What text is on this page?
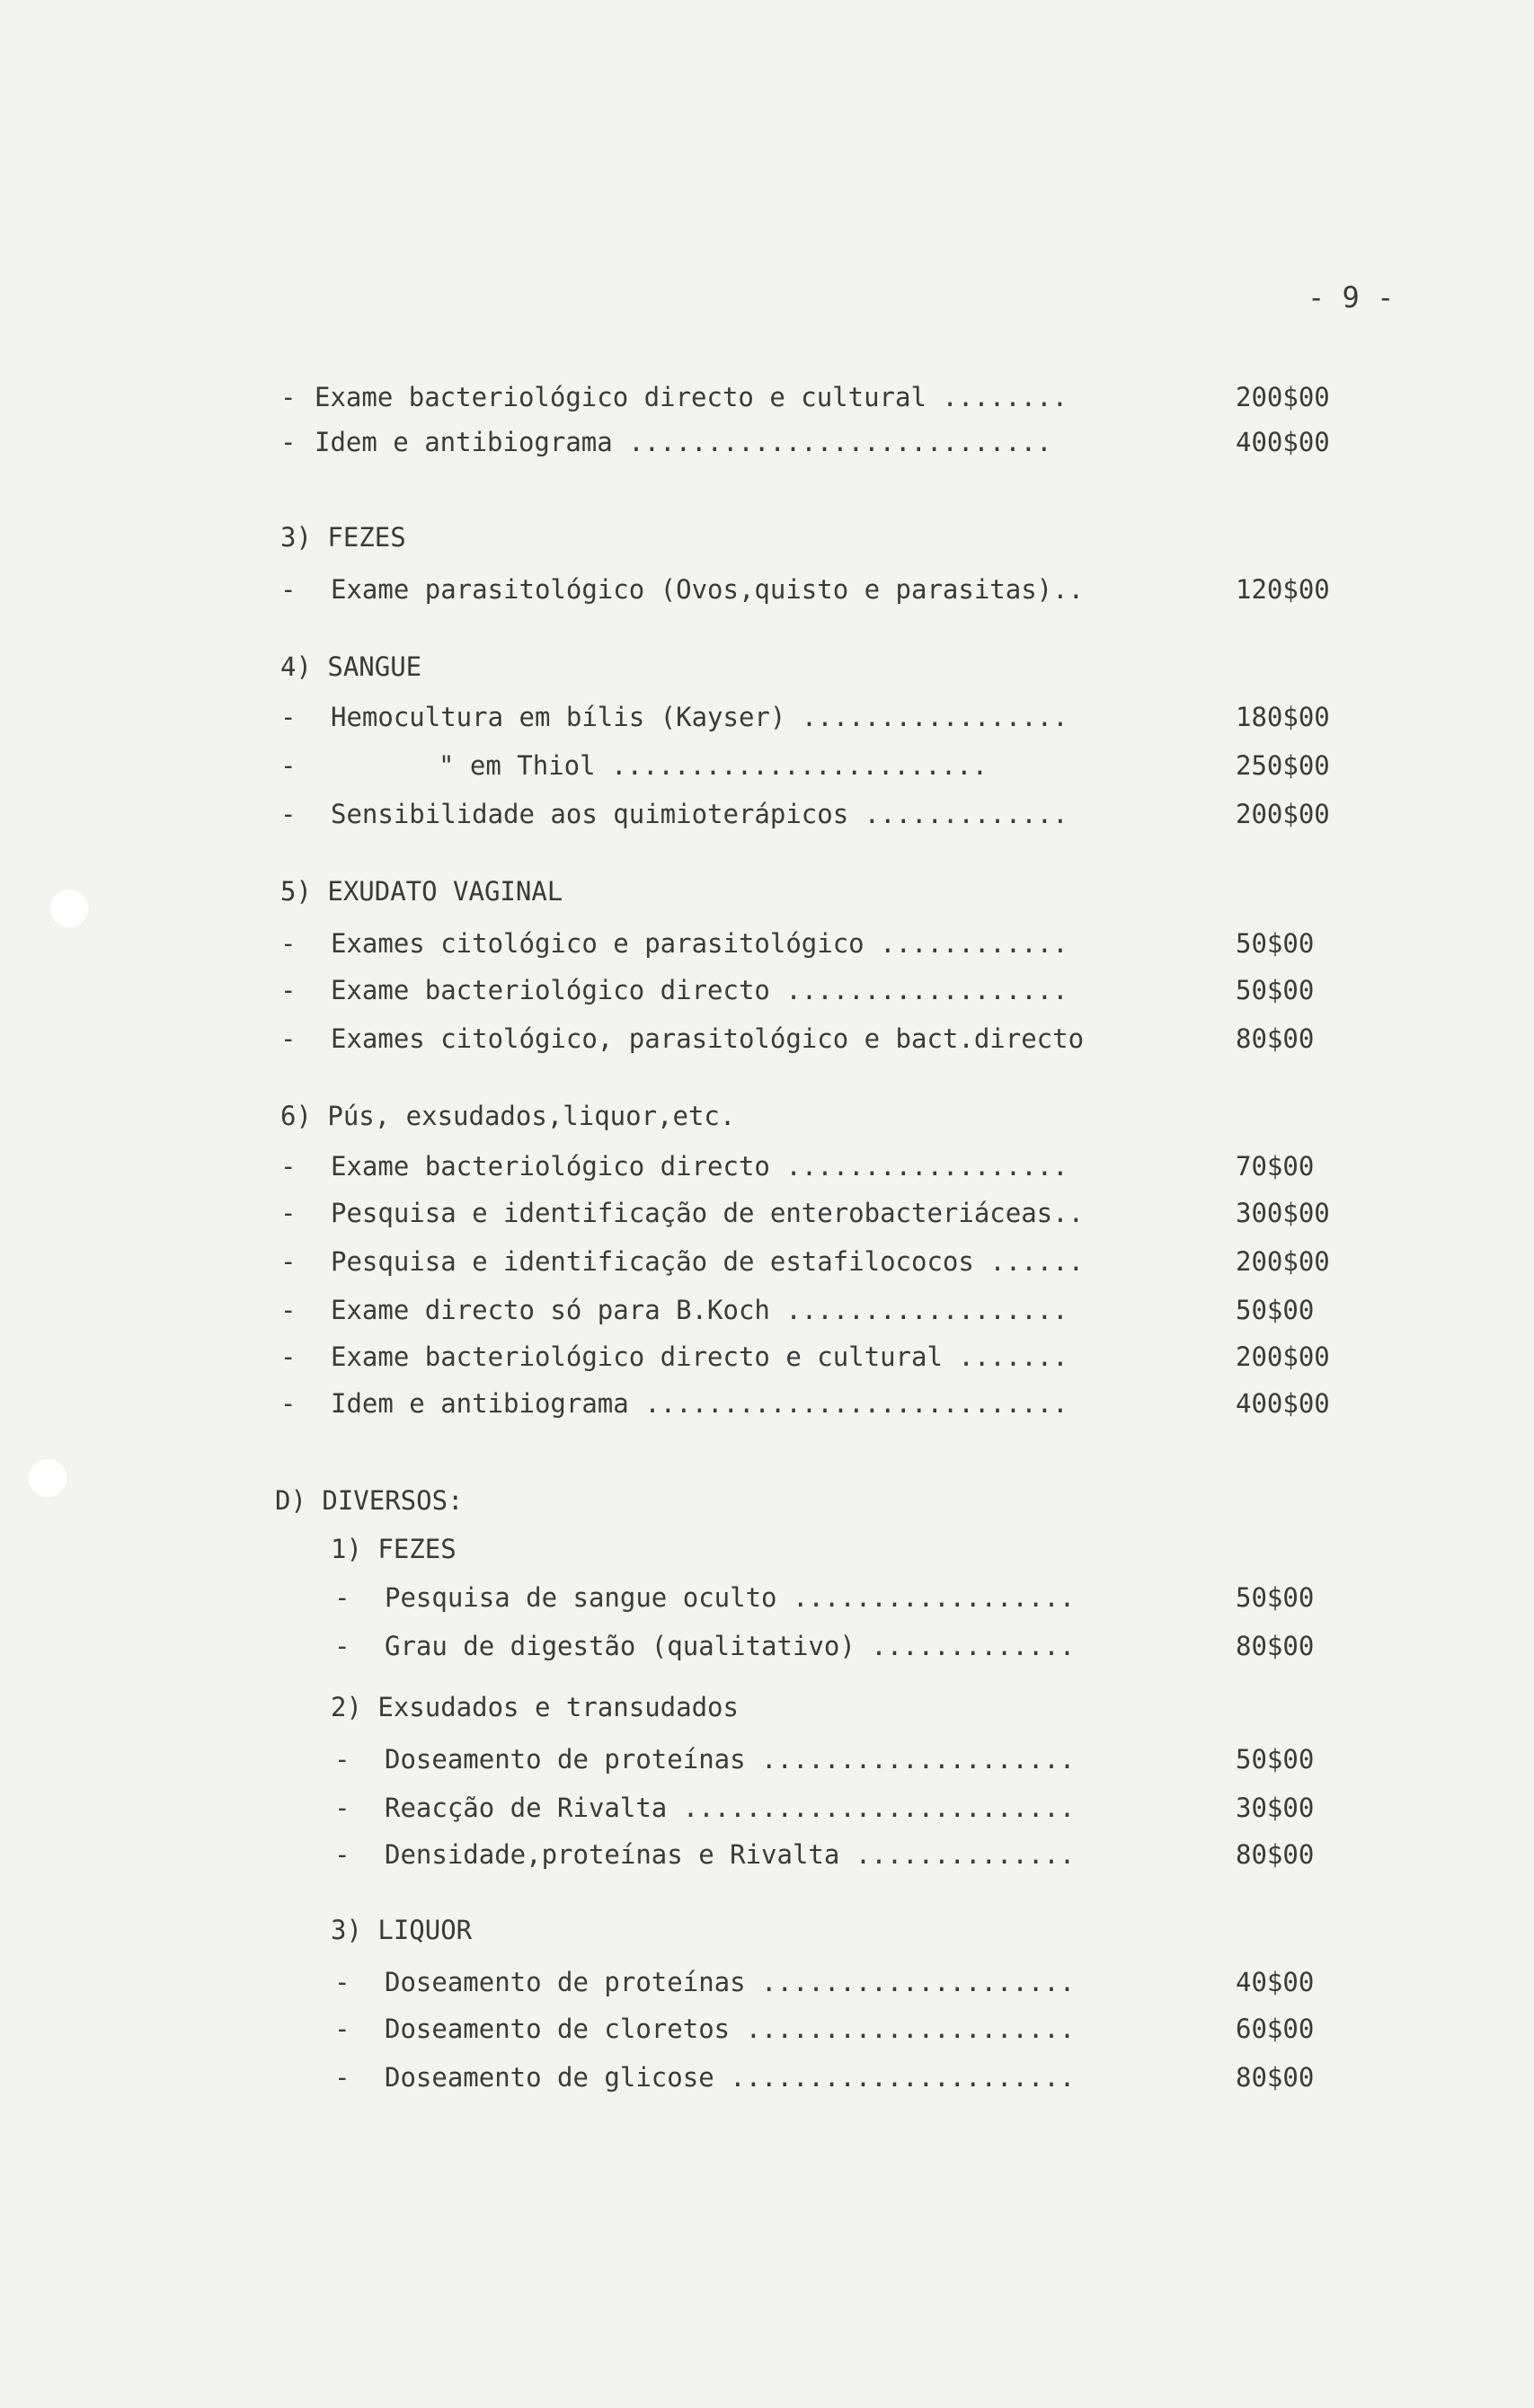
- 9 -
- Exame bacteriológico directo e cultural ........	200$00
- Idem e antibiograma ...........................	400$00
3) FEZES
- Exame parasitológico (Ovos,quisto e parasitas)..	120$00
4) SANGUE
- Hemocultura em bílis (Kayser) .................	180$00
-	" em Thiol ........................	250$00
- Sensibilidade aos quimioterápicos .............	200$00
5) EXUDATO VAGINAL
- Exames citológico e parasitológico ............	50$00
- Exame bacteriológico directo ..................	50$00
- Exames citológico, parasitológico e bact.directo	80$00
6) Pús, exsudados,liquor,etc.
- Exame bacteriológico directo ..................	70$00
- Pesquisa e identificação de enterobacteriáceas..	300$00
- Pesquisa e identificação de estafilococos ......	200$00
- Exame directo só para B.Koch ..................	50$00
- Exame bacteriológico directo e cultural .......	200$00
- Idem e antibiograma ...........................	400$00
D) DIVERSOS:
1) FEZES
- Pesquisa de sangue oculto ..................	50$00
- Grau de digestão (qualitativo) .............	80$00
2) Exsudados e transudados
- Doseamento de proteínas ....................	50$00
- Reacção de Rivalta .........................	30$00
- Densidade,proteínas e Rivalta ..............	80$00
3) LIQUOR
- Doseamento de proteínas ....................	40$00
- Doseamento de cloretos .....................	60$00
- Doseamento de glicose ......................	80$00
